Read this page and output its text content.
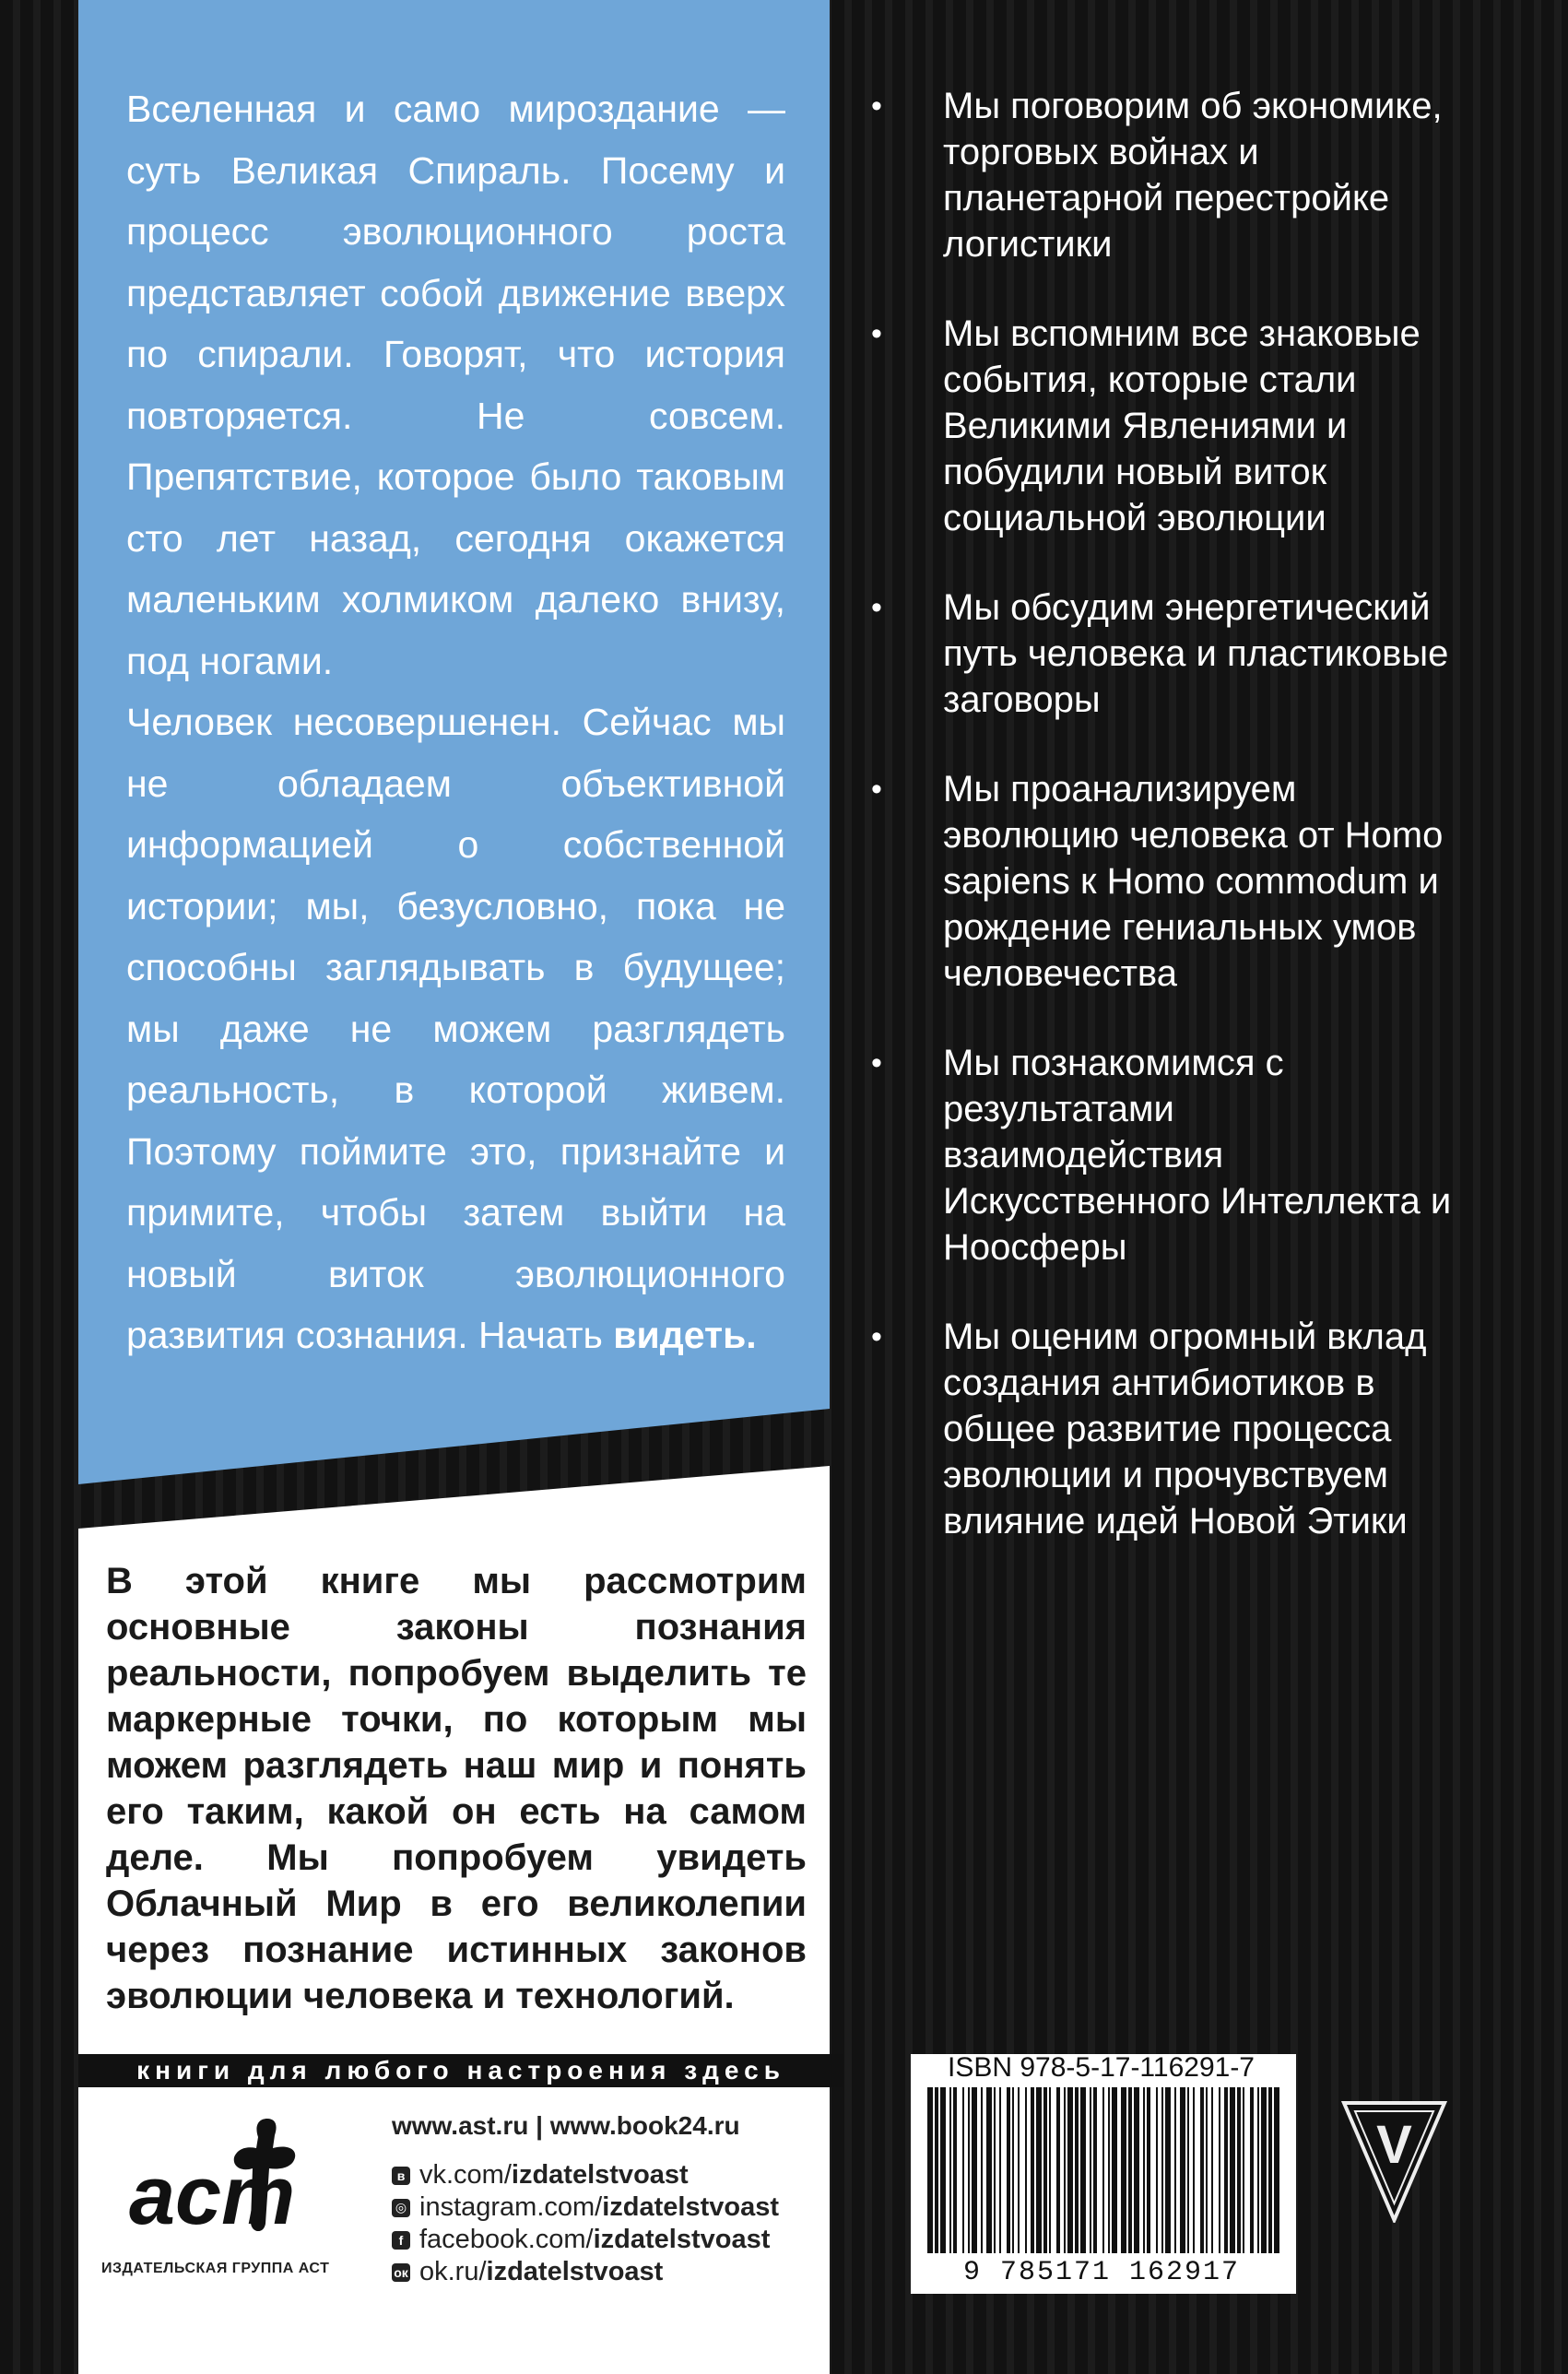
Вселенная и само мироздание — суть Великая Спираль. Посему и процесс эволюционного роста представляет собой движение вверх по спирали. Говорят, что история повторяется. Не совсем. Препятствие, которое было таковым сто лет назад, сегодня окажется маленьким холмиком далеко внизу, под ногами.

Человек несовершенен. Сейчас мы не обладаем объективной информацией о собственной истории; мы, безусловно, пока не способны заглядывать в будущее; мы даже не можем разглядеть реальность, в которой живем. Поэтому поймите это, признайте и примите, чтобы затем выйти на новый виток эволюционного развития сознания. Начать видеть.

В этой книге мы рассмотрим основные законы познания реальности, попробуем выделить те маркерные точки, по которым мы можем разглядеть наш мир и понять его таким, какой он есть на самом деле. Мы попробуем увидеть Облачный Мир в его великолепии через познание истинных законов эволюции человека и технологий.
• Мы поговорим об экономике, торговых войнах и планетарной перестройке логистики
• Мы вспомним все знаковые события, которые стали Великими Явлениями и побудили новый виток социальной эволюции
• Мы обсудим энергетический путь человека и пластиковые заговоры
• Мы проанализируем эволюцию человека от Homo sapiens к Homo commodum и рождение гениальных умов человечества
• Мы познакомимся с результатами взаимодействия Искусственного Интеллекта и Ноосферы
• Мы оценим огромный вклад создания антибиотиков в общее развитие процесса эволюции и прочувствуем влияние идей Новой Этики
книги для любого настроения здесь
аст
ИЗДАТЕЛЬСКАЯ ГРУППА АСТ
www.ast.ru | www.book24.ru
в vk.com/ izdatelstvoast
◎ instagram.com/ izdatelstvoast
f facebook.com/ izdatelstvoast
ок ok.ru/ izdatelstvoast
ISBN 978-5-17-116291-7
9 785171 162917
V
